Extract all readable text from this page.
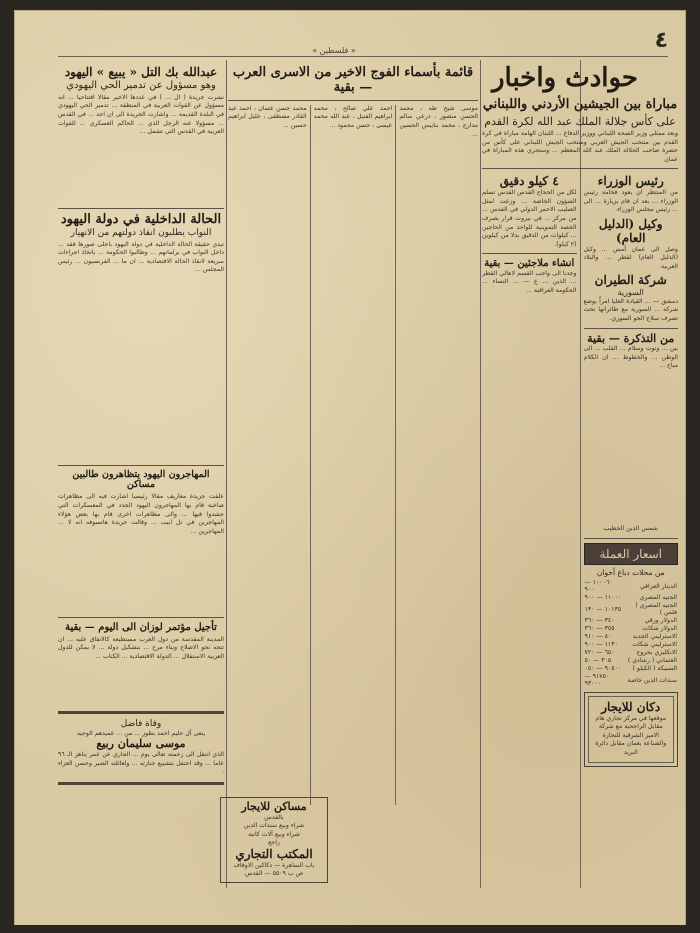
٤
« فلسطين »
حوادث واخبار
مباراة بين الجيشين الأردني واللبناني
على كأس جلالة الملك عبد الله لكرة القدم
وبعد ممثلي وزير الصحة اللبناني ووزير الدفاع ... اللبنان الهامة مباراة في كرة القدم بين منتخب الجيش العربي ومنتخب الجيش اللبناني على كأس من حضرة صاحب الجلالة الملك عبد الله المعظم ... وستجري هذه المباراة في عمان
رئيس الوزراء
من المنتظر ان يعود فخامة رئيس الوزراء ... بعد ان قام بزيارة ... الى ... رئيس مجلس الوزراء.
وكيل (الدليل العام)
وصل الى عمان أمس ... وكيل (الدليل العام) لقطر ... والبلاد العربية.
شركة الطيران
السورية
دمشق — ... القيادة العليا امراً بوضع شركة ... السورية مع طائراتها تحت تصرف سلاح الجو السوري.
من التذكرة — بقية
بين ... وتوت وسلام ... القلب ... الى الوطن ... والخطوط ... ان الكلام مباح ...
شمس الدين الخطيب
اسعار العملة
من محلات دباغ أخوان
الدينار العراقي	١٠٠٠٦٠ — ٩٠٠
الجنيه المصري	١١٠٠٠ — ٩٠٠
الجنيه المصري ( فلس )	١٠١٣٥ — ١٣٠
الدولار ورقي	٣٤٠ — ٣٦٠
الدولار شكات	٣٥٥ — ٣٦٠
الاسترليني الجديد	٨٠ — ٩١٠
الاسترليني شكات	١١٣٠ — ٩٠٠
الانكليزي بحروح	٦٥٠ — ٧٢٠
العثماني ( رشادي )	٣٠٥ — ٥٠
السبيكة ( الكيلو )	٩٠٥٠٠ — ٠٥٠
سندات الدين خاصة	٩١٧٥٠ — ٩٣٠٠٠
دكان للايجار
موقعها في مركز تجاري هام مقابل الراجحية مع شركة الامير الشرقية للتجارة والصناعة بعمان مقابل دائرة البريد
٤ كيلو دقيق
لكل من الحجاج القدس القدس تسلم الشؤون الخاصة ... وزعت لمثل الصليب الاحمر الدولي في القدس ... من مركز ... في بيروت قرار بصرف الحصة التموينية للواحد من الحاجين ... كيلوات من الدقيق بدلا من كيلوين (٢ كيلو).
انشاء ملاجئين — بقية
وجدنا الى واجب القسم لاهالي القطر ... الذين ... ع — ... النساء ... الحكومة العراقية ...
قائمة بأسماء الفوج الاخير من الاسرى العرب — بقية
موسى شيخ طه ، محمد الحسن منصور ، درعي سالم مدارج ، محمد بنابيس الحسين ...
احمد علي صالح ، محمد ابراهيم الفتيل ، عبد الله محمد عيسى ، حسن محمود ...
محمد حسن عثمان ، احمد عبد القادر مصطفى ، خليل ابراهيم حسين ...
مساكن للايجار
بالقدس
شراء وبيع سندات الدين
شراء وبيع آلات كاتبة
راجع
المكتب التجاري
باب الساهرة — دكاكين الاوقاف
ص ب ٥٥٠٩ — القدس
عبدالله بك التل « يبيع » اليهود
وهو مسؤول عن تدمير الحي اليهودي
نشرت جريدة ( ال ... ) في عددها الاخير مقالا افتتاحيا ... انه مسؤول عن القوات العربية في المنطقة ... تدمير الحي اليهودي في البلدة القديمة ... واشارت الجريدة الى ان احد ... في القدس ... مسؤولا عنه الرجل الذي ... الحاكم العسكري ... للقوات العربية في القدس التي تشمل ...
الحالة الداخلية في دولة اليهود
النواب يطلبون انقاذ دولتهم من الانهيار
تبدي حقيقة الحالة الداخلية في دولة اليهود باجلى صورها فقد ... داخل النواب في برلمانهم ... وطالبوا الحكومة ... باتخاذ اجراءات سريعة لانقاذ الحالة الاقتصادية ... ان ما ... الفرنسيون ... رئيس المجلس ...
المهاجرون اليهود يتظاهرون طالبين مساكن
علقت جريدة معاريف مقالا رئيسيا اشارت فيه الى مظاهرات صاخبة قام بها المهاجرون اليهود الجدد في المعسكرات التي حشدوا فيها ... والى مظاهرات اخرى قام بها بعض هؤلاء المهاجرين في تل ابيب ... وقالت جريدة هاتسوفه انه لا ... المهاجرين ...
تأجيل مؤتمر لوزان الى اليوم — بقية
المدينة المقدسة من دول العرب مستطيعة كالاتفاق عليه ... ان تتجه نحو الاصلاح وبناء مرح ... بتشكيل دولة ... لا يمكن للدول العربية الاستقلال ... الدولة الاقتصادية ... الكتاب ...
وفاة فاضل
ينعى آل حليم احمد بطوز ... من ... عميدهم الوجيه
موسى سليمان ربيع
الذي انتقل الى رحمته تعالى يوم ... الجاري عن عمر يناهز الـ ٩٦ عاما ... وقد احتفل بتشييع جنازته ... ولعائلته الصبر وحسن العزاء .
